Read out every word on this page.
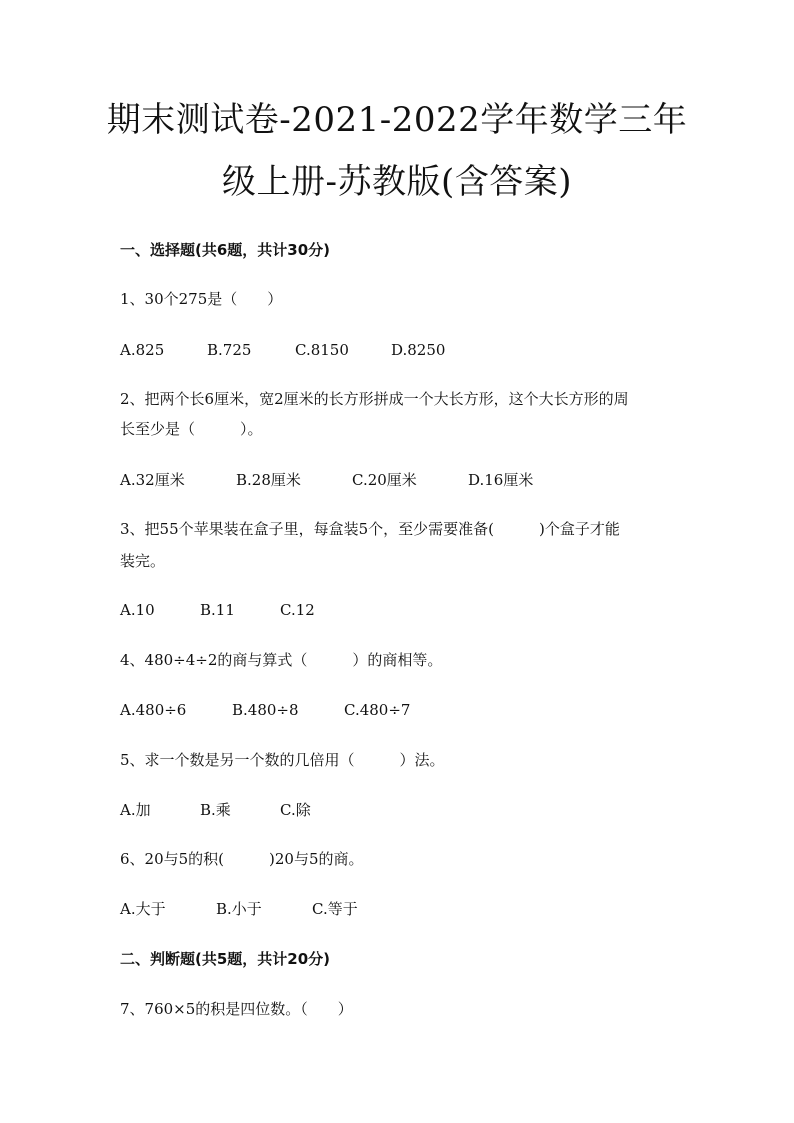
期末测试卷-2021-2022学年数学三年
级上册-苏教版(含答案)
一、选择题(共6题，共计30分)
1、30个275是（　　）
A.825	B.725	C.8150	D.8250
2、把两个长6厘米，宽2厘米的长方形拼成一个大长方形，这个大长方形的周
长至少是（　　　）。
A.32厘米	B.28厘米	C.20厘米	D.16厘米
3、把55个苹果装在盒子里，每盒装5个，至少需要准备(　　　)个盒子才能
装完。
A.10	B.11	C.12
4、480÷4÷2的商与算式（　　　）的商相等。
A.480÷6	B.480÷8	C.480÷7
5、求一个数是另一个数的几倍用（　　　）法。
A.加	B.乘	C.除
6、20与5的积(　　　)20与5的商。
A.大于	B.小于	C.等于
二、判断题(共5题，共计20分)
7、760×5的积是四位数。（　　）
